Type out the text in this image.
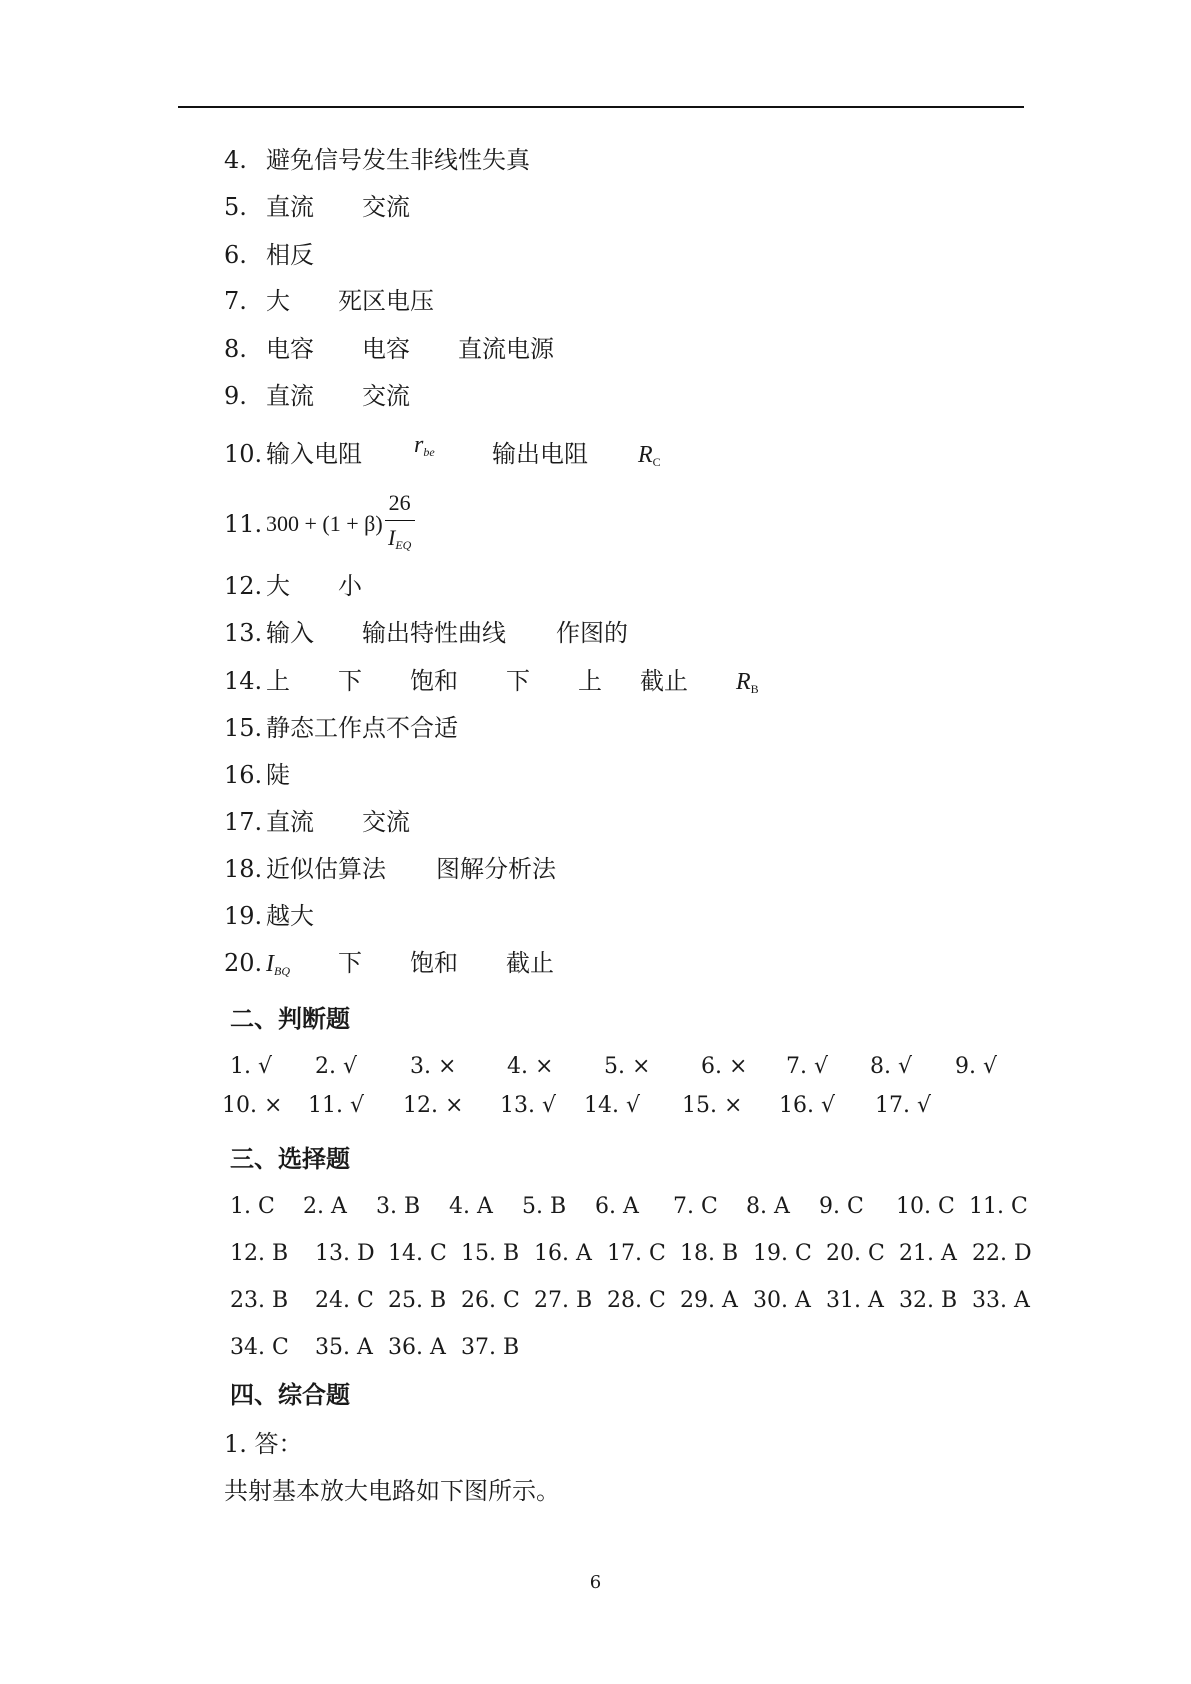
4. 避免信号发生非线性失真
5. 直流 交流
6. 相反
7. 大 死区电压
8. 电容 电容 直流电源
9. 直流 交流
10. 输入电阻 $r_{be}$ 输出电阻 $R_C$
11. $300 + (1 + \beta) \frac{26}{I_{EQ}}$
12. 大 小
13. 输入 输出特性曲线 作图的
14. 上 下 饱和 下 上 截止 $R_B$
15. 静态工作点不合适
16. 陡
17. 直流 交流
18. 近似估算法 图解分析法
19. 越大
20. $I_{BQ}$ 下 饱和 截止
二、判断题
1. √ 2. √ 3. × 4. × 5. × 6. × 7. √ 8. √ 9. √
10. × 11. √ 12. × 13. √ 14. √ 15. × 16. √ 17. √
三、选择题
1. C 2. A 3. B 4. A 5. B 6. A 7. C 8. A 9. C 10. C 11. C
12. B 13. D 14. C 15. B 16. A 17. C 18. B 19. C 20. C 21. A 22. D
23. B 24. C 25. B 26. C 27. B 28. C 29. A 30. A 31. A 32. B 33. A
34. C 35. A 36. A 37. B
四、综合题
1. 答：
共射基本放大电路如下图所示。
6
